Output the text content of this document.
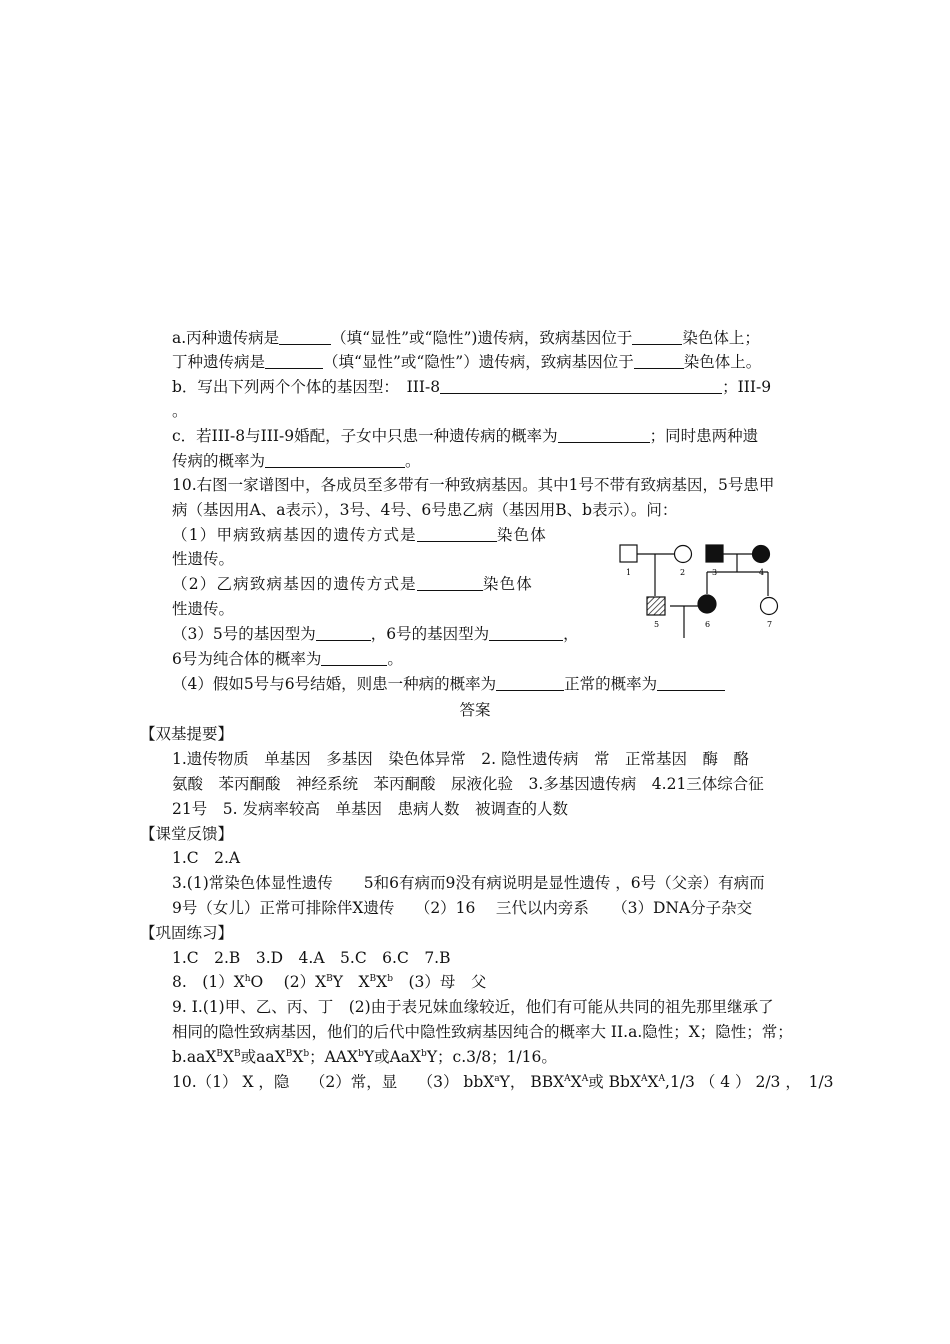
a.丙种遗传病是	（填“显性”或“隐性”)遗传病，致病基因位于	染色体上；
丁种遗传病是	（填“显性”或“隐性”）遗传病，致病基因位于	染色体上。
b．写出下列两个个体的基因型：　III-8	；III-9
。
c．若III-8与III-9婚配，子女中只患一种遗传病的概率为	；同时患两种遗
传病的概率为	。
10.右图一家谱图中，各成员至多带有一种致病基因。其中1号不带有致病基因，5号患甲
病（基因用A、a表示），3号、4号、6号患乙病（基因用B、b表示）。问：
（1）甲病致病基因的遗传方式是	染色体
性遗传。
（2）乙病致病基因的遗传方式是	染色体
性遗传。
（3）5号的基因型为	，6号的基因型为	，
6号为纯合体的概率为	。
（4）假如5号与6号结婚，则患一种病的概率为	正常的概率为
1	2	3	4
5	6	7
答案
【双基提要】
1.遗传物质　单基因　多基因　染色体异常　2. 隐性遗传病　常　正常基因　酶　酪
氨酸　苯丙酮酸　神经系统　苯丙酮酸　尿液化验　3.多基因遗传病　4.21三体综合征
21号　5. 发病率较高　单基因　患病人数　被调查的人数
【课堂反馈】
1.C　2.A
3.(1)常染色体显性遗传　　5和6有病而9没有病说明是显性遗传 ，6号（父亲）有病而
9号（女儿）正常可排除伴X遗传　 （2）16　 三代以内旁系　　（3）DNA分子杂交
【巩固练习】
1.C　2.B　3.D　4.A　5.C　6.C　7.B
8.　$(1)X^hO$　 $(2)X^BY$　$X^BX^b$　(3）母　父
9. I.(1)甲、乙、丙、丁　(2)由于表兄妹血缘较近，他们有可能从共同的祖先那里继承了
相同的隐性致病基因，他们的后代中隐性致病基因纯合的概率大 II.a.隐性；X；隐性；常；
$b.aaX^BX^B$或$aaX^BX^b$；AAX$^b$Y或AaX$^b$Y；c.3/8；1/16。
10.（1） X ，隐　 （2）常，显　 （3） bbX$^a$Y， $BBX^AX^A$或 $BbX^AX^A,1/3$ （ 4 ） 2/3 ，　1/3
